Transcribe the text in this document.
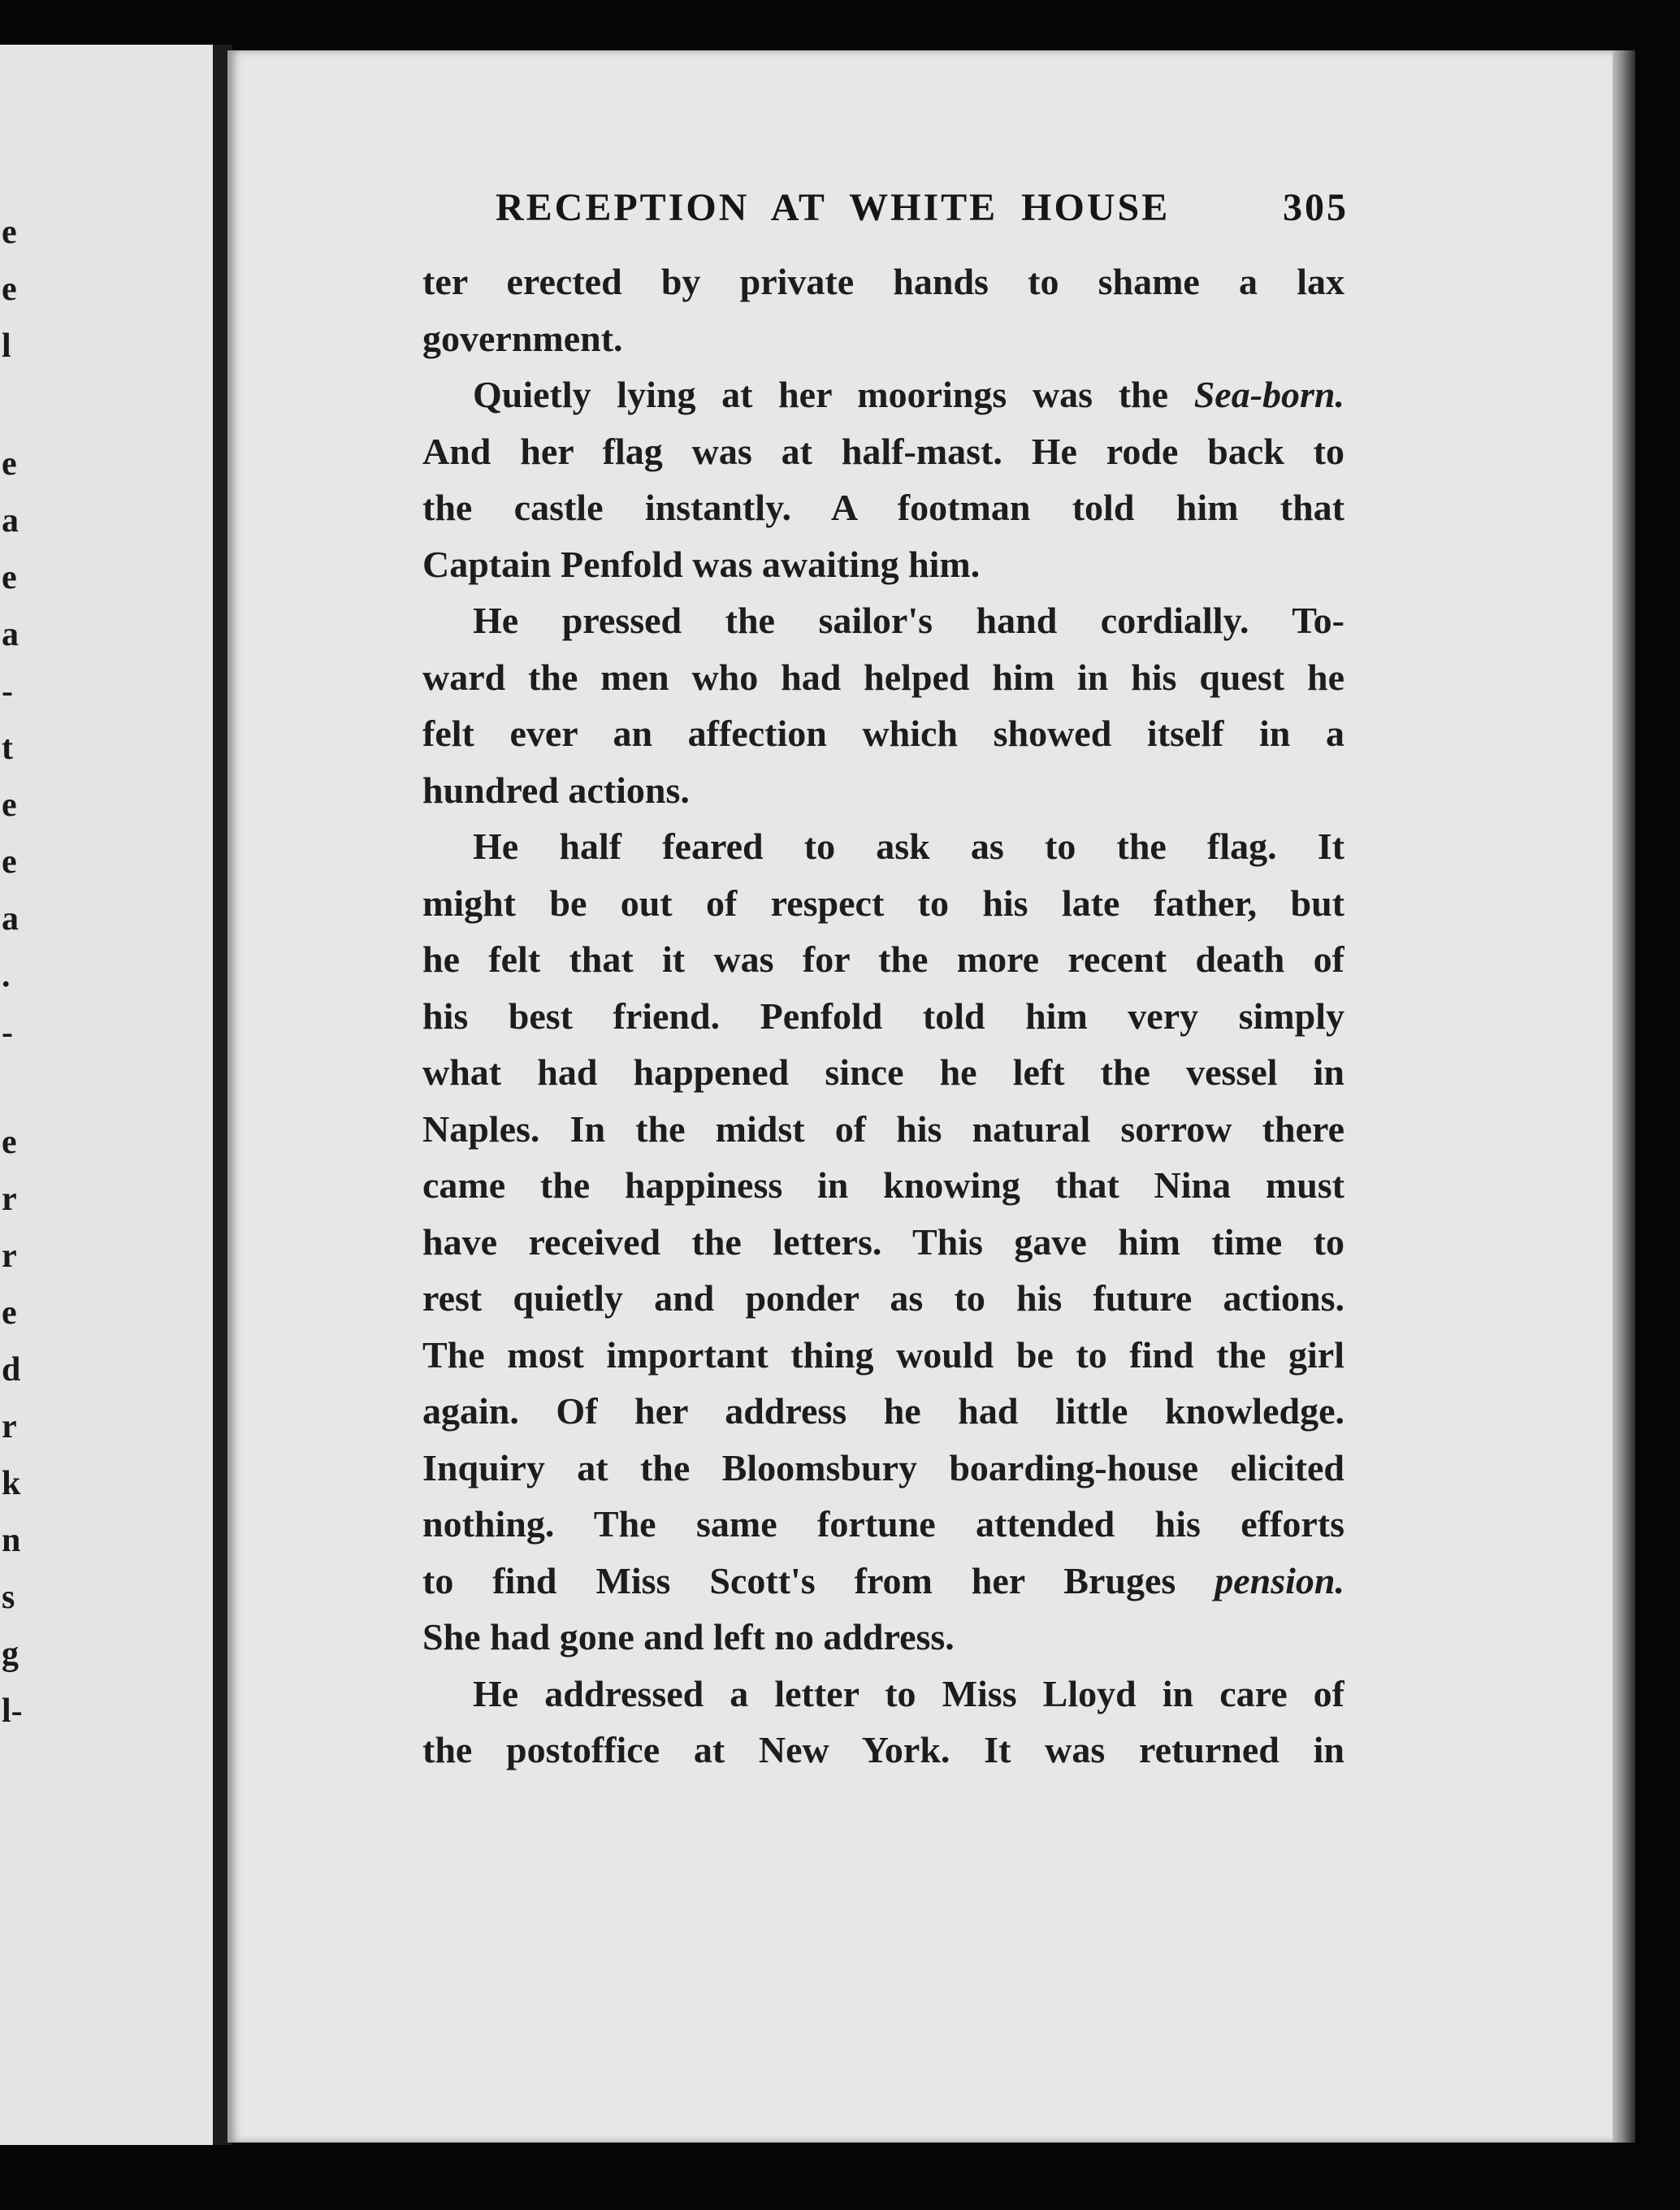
e
e
l
e
a
e
a
-
t
e
e
a
.
-
e
r
r
e
d
r
k
n
s
g
l-
RECEPTION AT WHITE HOUSE	305
ter erected by private hands to shame a lax
government.
Quietly lying at her moorings was the Sea-born.
And her flag was at half-mast. He rode back to
the castle instantly. A footman told him that
Captain Penfold was awaiting him.
He pressed the sailor's hand cordially. To-
ward the men who had helped him in his quest he
felt ever an affection which showed itself in a
hundred actions.
He half feared to ask as to the flag. It
might be out of respect to his late father, but
he felt that it was for the more recent death of
his best friend. Penfold told him very simply
what had happened since he left the vessel in
Naples. In the midst of his natural sorrow there
came the happiness in knowing that Nina must
have received the letters. This gave him time to
rest quietly and ponder as to his future actions.
The most important thing would be to find the girl
again. Of her address he had little knowledge.
Inquiry at the Bloomsbury boarding-house elicited
nothing. The same fortune attended his efforts
to find Miss Scott's from her Bruges pension.
She had gone and left no address.
He addressed a letter to Miss Lloyd in care of
the postoffice at New York. It was returned in
